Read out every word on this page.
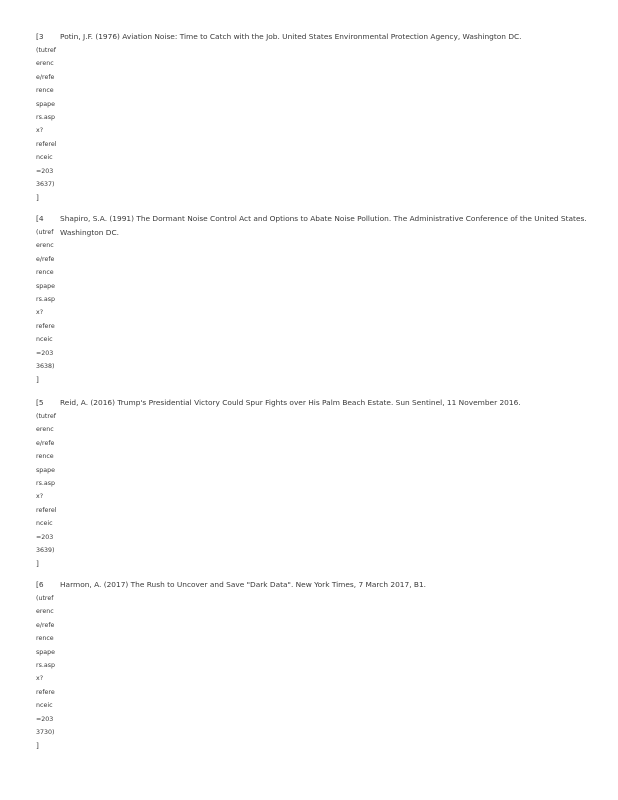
[3	Potin, J.F. (1976) Aviation Noise: Time to Catch with the Job. United States Environmental Protection Agency, Washington DC.
(tutref
erenc
e/refe
rence
spape
rs.asp
x?
referel
nceic
=203
3637)
]
[4	Shapiro, S.A. (1991) The Dormant Noise Control Act and Options to Abate Noise Pollution. The Administrative Conference of the United States.
Washington DC.
(utref
erenc
e/refe
rence
spape
rs.asp
x?
refere
nceic
=203
3638)
]
[5	Reid, A. (2016) Trump's Presidential Victory Could Spur Fights over His Palm Beach Estate. Sun Sentinel, 11 November 2016.
(tutref
erenc
e/refe
rence
spape
rs.asp
x?
referel
nceic
=203
3639)
]
[6	Harmon, A. (2017) The Rush to Uncover and Save "Dark Data". New York Times, 7 March 2017, B1.
(utref
erenc
e/refe
rence
spape
rs.asp
x?
refere
nceic
=203
3730)
]
